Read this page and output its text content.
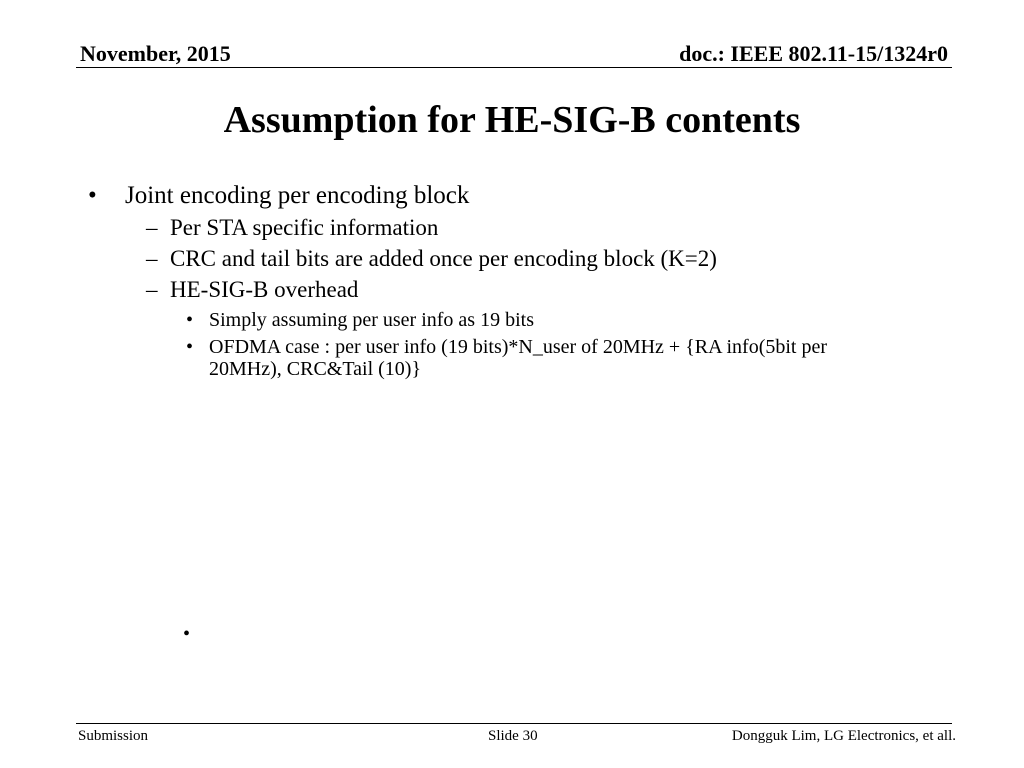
November, 2015	doc.: IEEE 802.11-15/1324r0
Assumption for HE-SIG-B contents
• Joint encoding per encoding block
– Per STA specific information
– CRC and tail bits are added once per encoding block (K=2)
– HE-SIG-B overhead
• Simply assuming per user info as 19 bits
• OFDMA case : per user info (19 bits)*N_user of 20MHz + {RA info(5bit per
20MHz), CRC&Tail (10)}
•
Submission	Slide 30	Dongguk Lim, LG Electronics, et all.
